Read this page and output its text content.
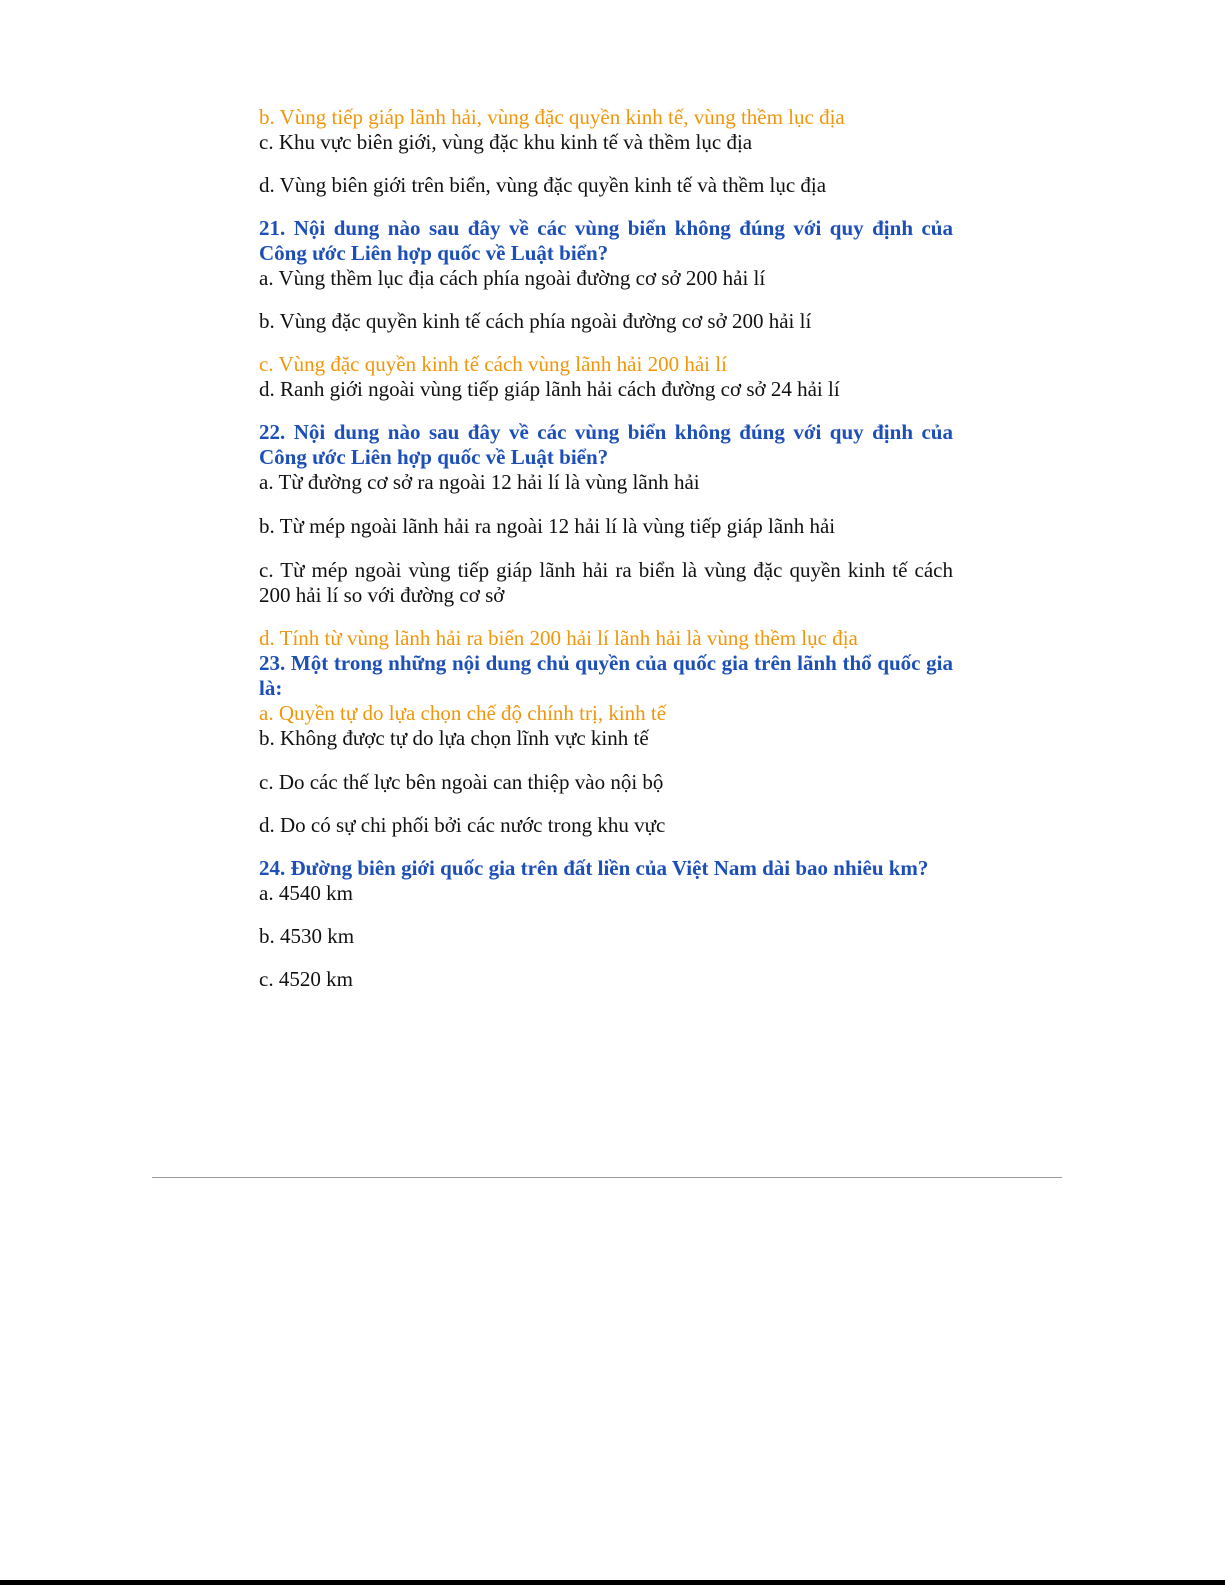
b. Vùng tiếp giáp lãnh hải, vùng đặc quyền kinh tế, vùng thềm lục địa

c. Khu vực biên giới, vùng đặc khu kinh tế và thềm lục địa

d. Vùng biên giới trên biển, vùng đặc quyền kinh tế và thềm lục địa

21. Nội dung nào sau đây về các vùng biển không đúng với quy định của Công ước Liên hợp quốc về Luật biển?

a. Vùng thềm lục địa cách phía ngoài đường cơ sở 200 hải lí

b. Vùng đặc quyền kinh tế cách phía ngoài đường cơ sở 200 hải lí

c. Vùng đặc quyền kinh tế cách vùng lãnh hải 200 hải lí

d. Ranh giới ngoài vùng tiếp giáp lãnh hải cách đường cơ sở 24 hải lí

22. Nội dung nào sau đây về các vùng biển không đúng với quy định của Công ước Liên hợp quốc về Luật biển?

a. Từ đường cơ sở ra ngoài 12 hải lí là vùng lãnh hải

b. Từ mép ngoài lãnh hải ra ngoài 12 hải lí là vùng tiếp giáp lãnh hải

c. Từ mép ngoài vùng tiếp giáp lãnh hải ra biển là vùng đặc quyền kinh tế cách 200 hải lí so với đường cơ sở

d. Tính từ vùng lãnh hải ra biển 200 hải lí lãnh hải là vùng thềm lục địa

23. Một trong những nội dung chủ quyền của quốc gia trên lãnh thổ quốc gia là:

a. Quyền tự do lựa chọn chế độ chính trị, kinh tế

b. Không được tự do lựa chọn lĩnh vực kinh tế

c. Do các thế lực bên ngoài can thiệp vào nội bộ

d. Do có sự chi phối bởi các nước trong khu vực

24. Đường biên giới quốc gia trên đất liền của Việt Nam dài bao nhiêu km?

a. 4540 km

b. 4530 km

c. 4520 km
